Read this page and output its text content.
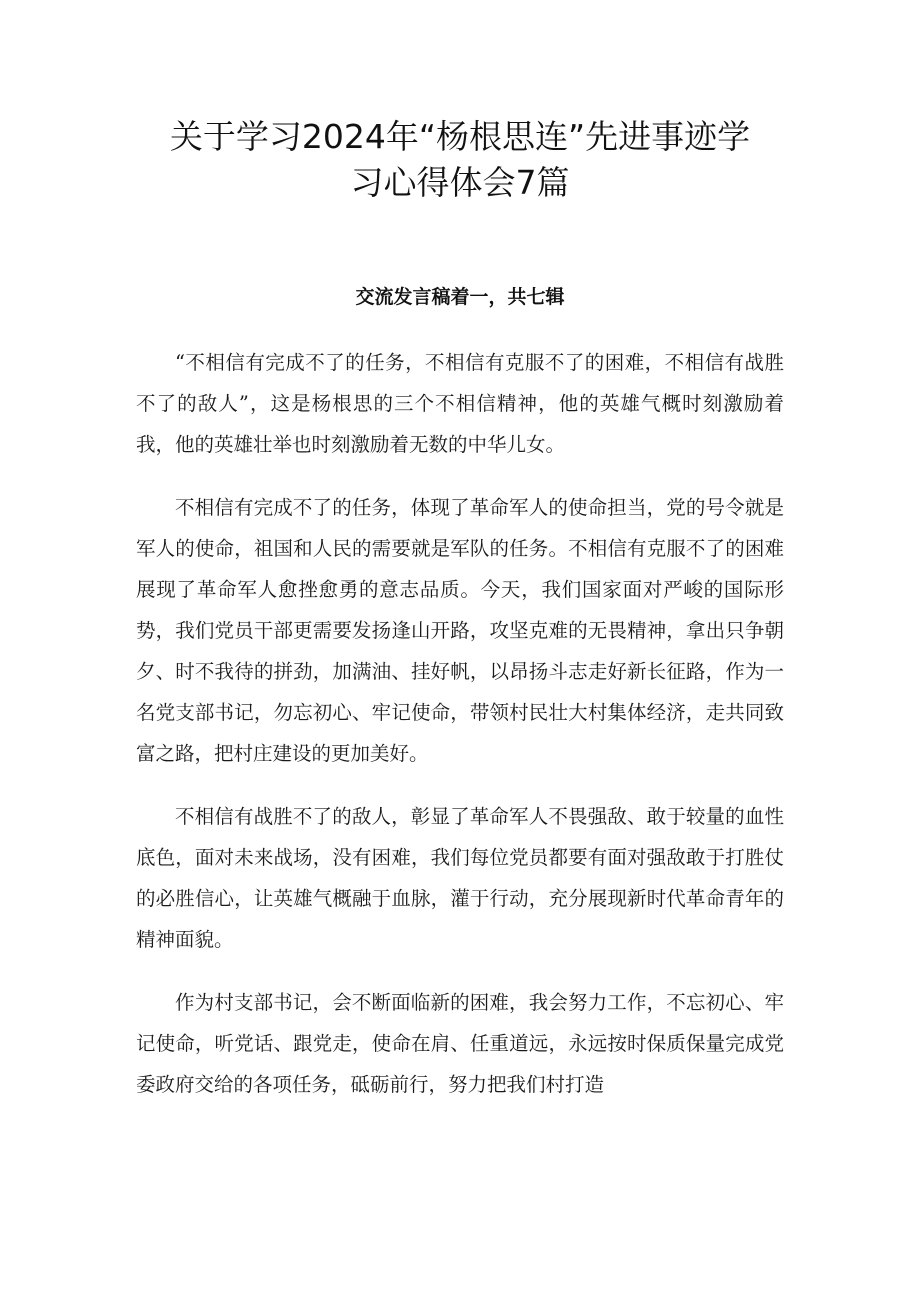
关于学习2024年“杨根思连”先进事迹学
习心得体会7篇
交流发言稿着一，共七辑

“不相信有完成不了的任务，不相信有克服不了的困难，不相信有战胜不了的敌人”，这是杨根思的三个不相信精神，他的英雄气概时刻激励着我，他的英雄壮举也时刻激励着无数的中华儿女。

不相信有完成不了的任务，体现了革命军人的使命担当，党的号令就是军人的使命，祖国和人民的需要就是军队的任务。不相信有克服不了的困难展现了革命军人愈挫愈勇的意志品质。今天，我们国家面对严峻的国际形势，我们党员干部更需要发扬逢山开路，攻坚克难的无畏精神，拿出只争朝夕、时不我待的拼劲，加满油、挂好帆，以昂扬斗志走好新长征路，作为一名党支部书记，勿忘初心、牢记使命，带领村民壮大村集体经济，走共同致富之路，把村庄建设的更加美好。

不相信有战胜不了的敌人，彰显了革命军人不畏强敌、敢于较量的血性底色，面对未来战场，没有困难，我们每位党员都要有面对强敌敢于打胜仗的必胜信心，让英雄气概融于血脉，灌于行动，充分展现新时代革命青年的精神面貌。

作为村支部书记，会不断面临新的困难，我会努力工作，不忘初心、牢记使命，听党话、跟党走，使命在肩、任重道远，永远按时保质保量完成党委政府交给的各项任务，砥砺前行，努力把我们村打造
